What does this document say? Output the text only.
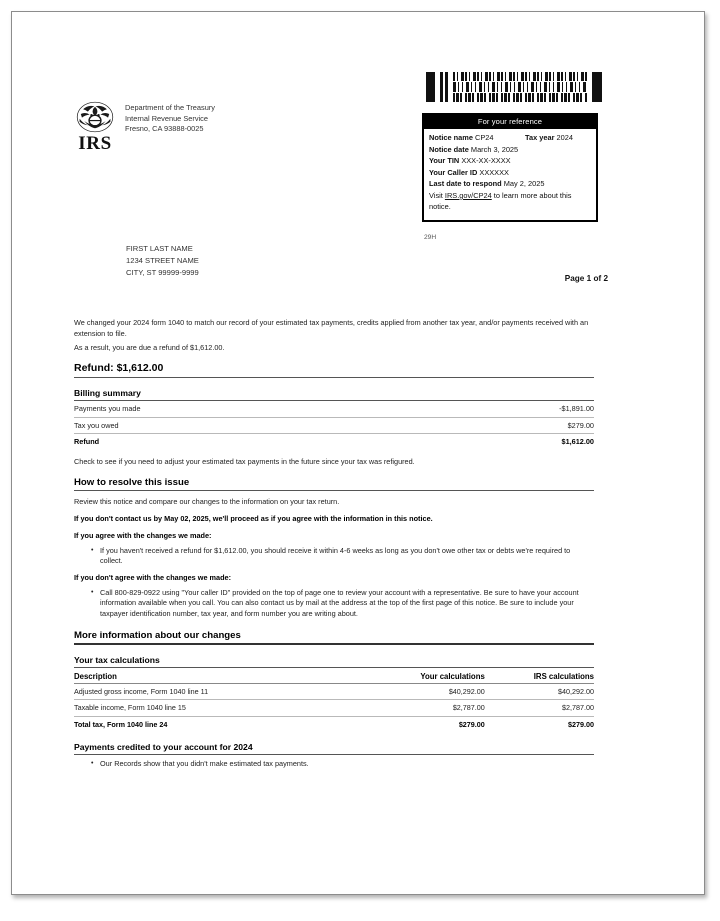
For your reference
Notice name CP24	Tax year 2024
Notice date March 3, 2025
Your TIN XXX-XX-XXXX
Your Caller ID XXXXXX
Last date to respond May 2, 2025
Visit IRS.gov/CP24 to learn more about this notice.
29H
IRS
Department of the Treasury
Internal Revenue Service
Fresno, CA 93888-0025
FIRST LAST NAME
1234 STREET NAME
CITY, ST 99999-9999
Page 1 of 2

We changed your 2024 form 1040 to match our record of your estimated tax payments, credits applied from another tax year, and/or payments received with an extension to file.

As a result, you are due a refund of $1,612.00.

Refund: $1,612.00
Billing summary
Payments you made	-$1,891.00
Tax you owed	$279.00
Refund	$1,612.00
Check to see if you need to adjust your estimated tax payments in the future since your tax was refigured.
How to resolve this issue
Review this notice and compare our changes to the information on your tax return.
If you don't contact us by May 02, 2025, we'll proceed as if you agree with the information in this notice.
If you agree with the changes we made:
• If you haven't received a refund for $1,612.00, you should receive it within 4-6 weeks as long as you don't owe other tax or debts we're required to collect.
If you don't agree with the changes we made:
• Call 800-829-0922 using "Your caller ID" provided on the top of page one to review your account with a representative. Be sure to have your account information available when you call. You can also contact us by mail at the address at the top of the first page of this notice. Be sure to include your taxpayer identification number, tax year, and form number you are writing about.
More information about our changes
Your tax calculations
Description	Your calculations	IRS calculations
Adjusted gross income, Form 1040 line 11	$40,292.00	$40,292.00
Taxable income, Form 1040 line 15	$2,787.00	$2,787.00
Total tax, Form 1040 line 24	$279.00	$279.00
Payments credited to your account for 2024
• Our Records show that you didn't make estimated tax payments.
